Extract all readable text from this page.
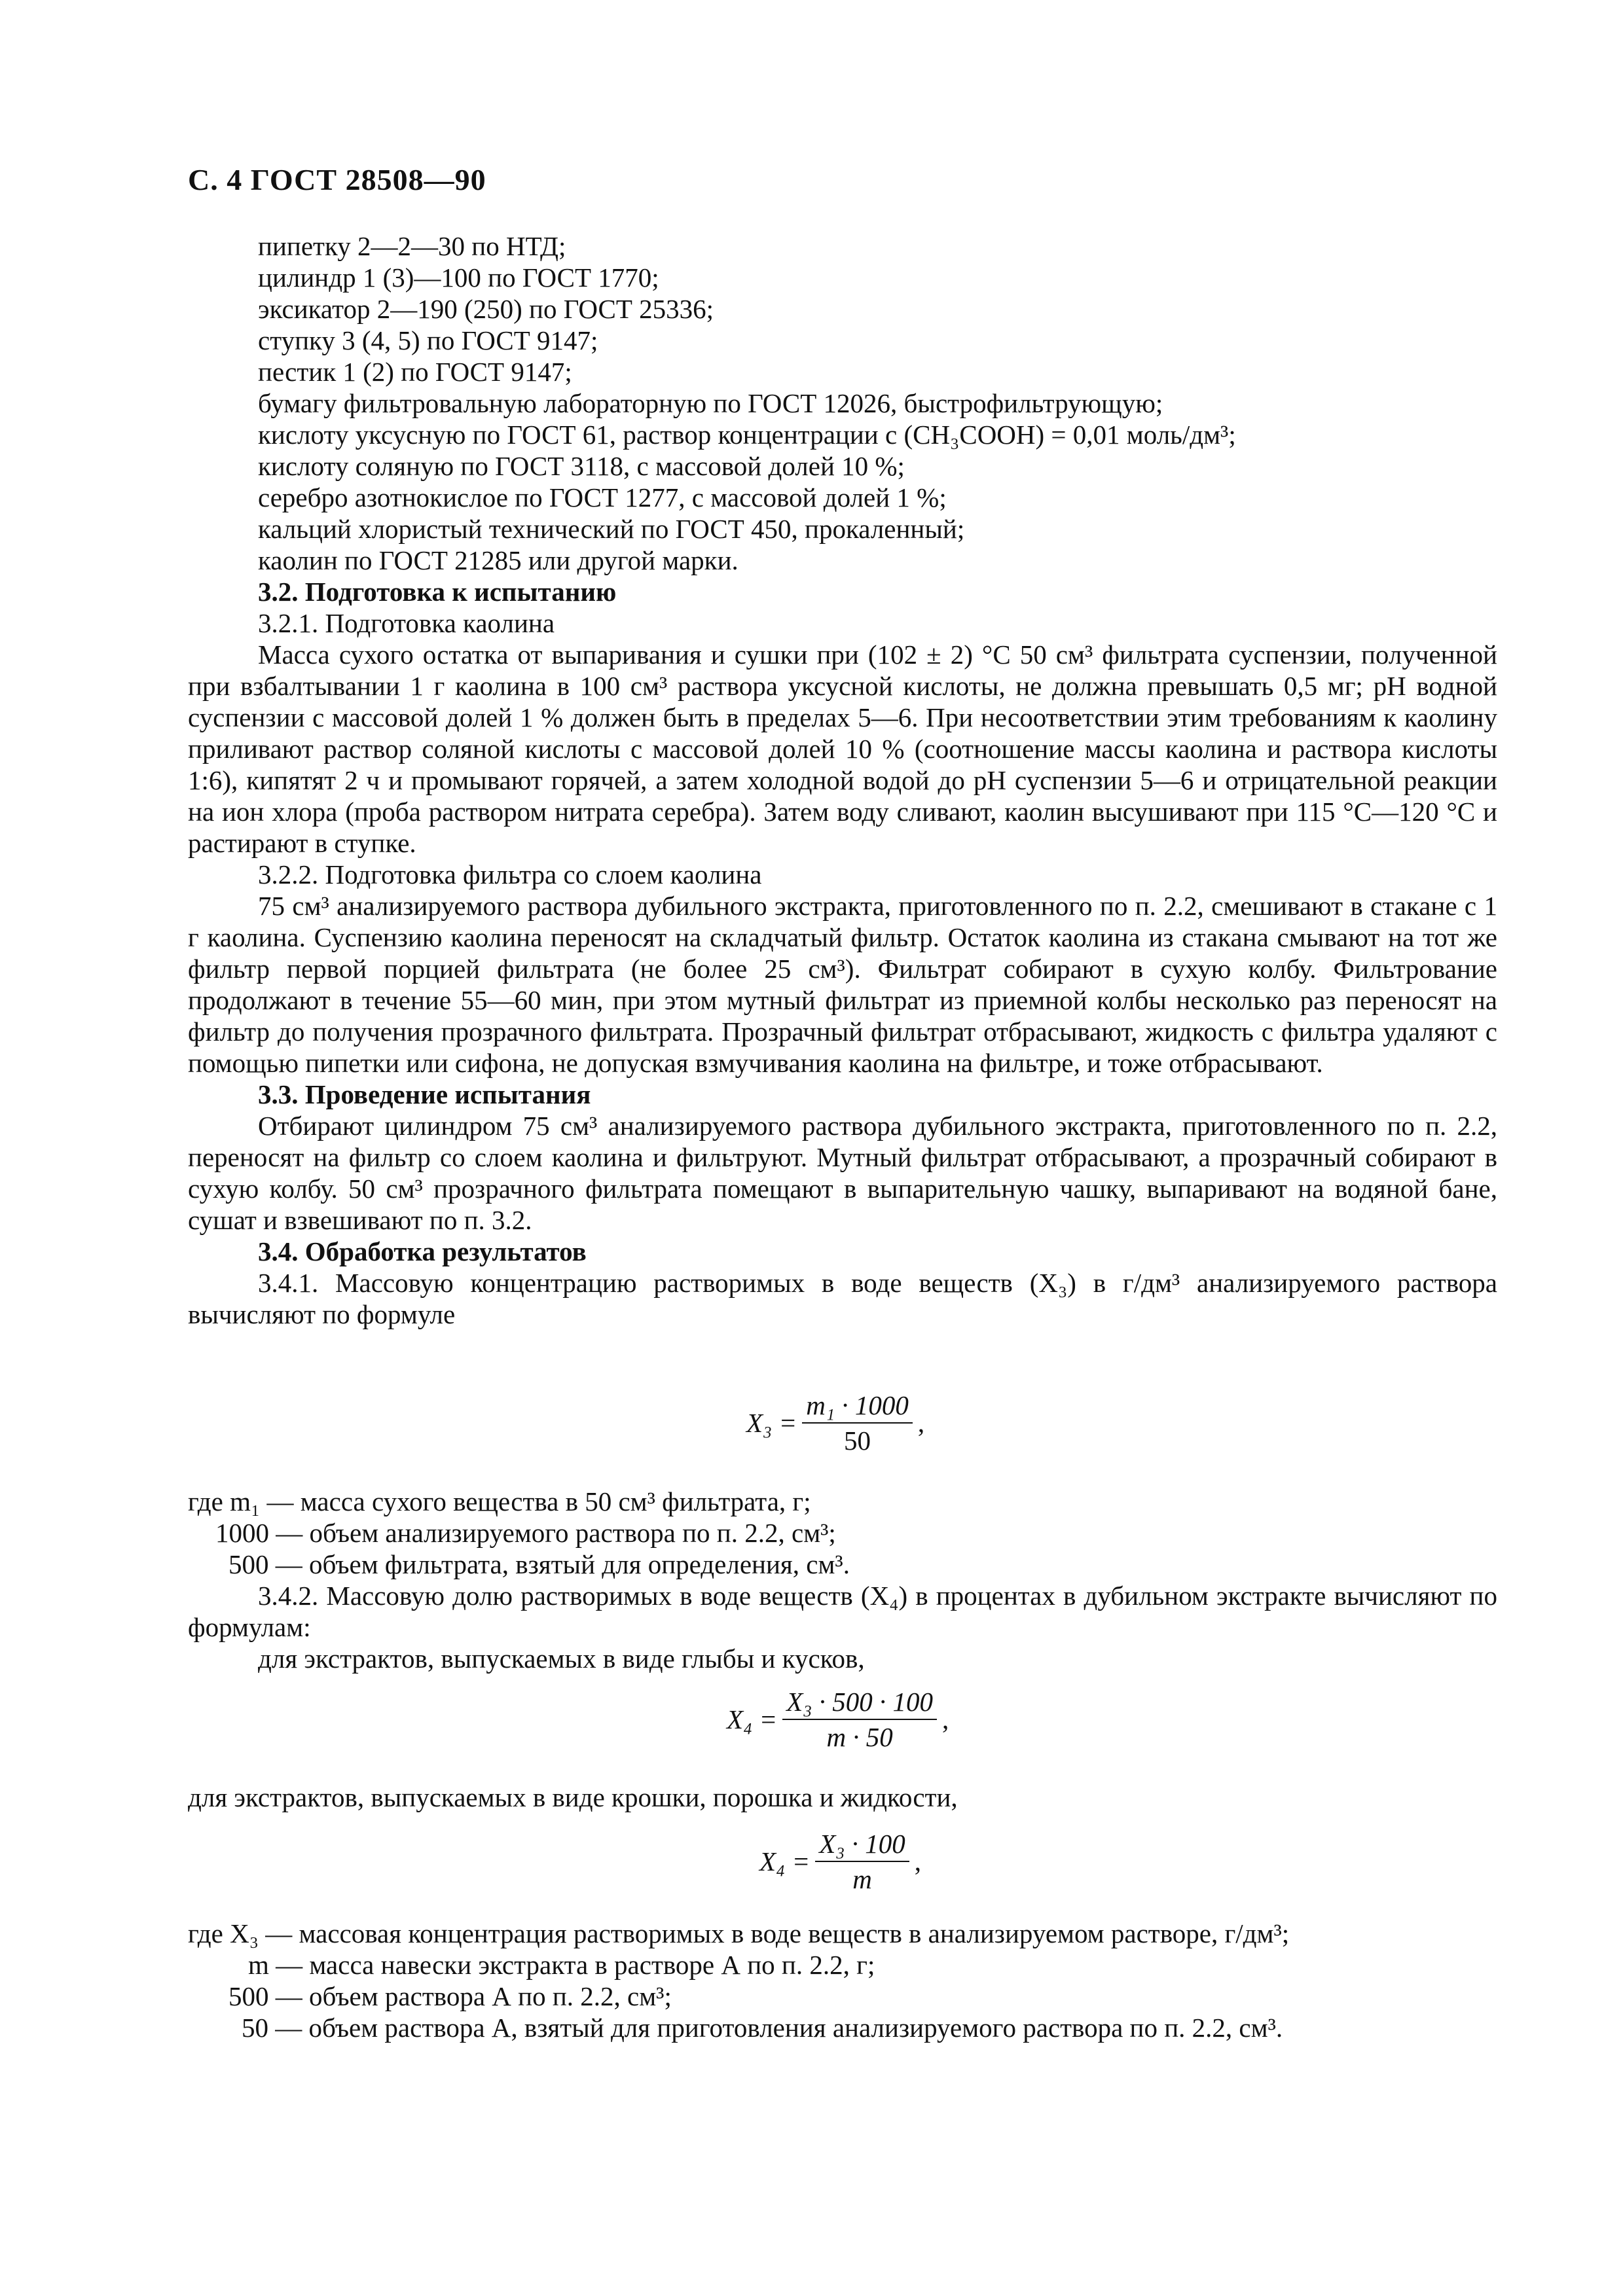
С. 4 ГОСТ 28508—90

пипетку 2—2—30 по НТД;

цилиндр 1 (3)—100 по ГОСТ 1770;

эксикатор 2—190 (250) по ГОСТ 25336;

ступку 3 (4, 5) по ГОСТ 9147;

пестик 1 (2) по ГОСТ 9147;

бумагу фильтровальную лабораторную по ГОСТ 12026, быстрофильтрующую;

кислоту уксусную по ГОСТ 61, раствор концентрации с (CH₃COOH) = 0,01 моль/дм³;

кислоту соляную по ГОСТ 3118, с массовой долей 10 %;

серебро азотнокислое по ГОСТ 1277, с массовой долей 1 %;

кальций хлористый технический по ГОСТ 450, прокаленный;

каолин по ГОСТ 21285 или другой марки.

3.2. Подготовка к испытанию

3.2.1. Подготовка каолина

Масса сухого остатка от выпаривания и сушки при (102 ± 2) °С 50 см³ фильтрата суспензии, полученной при взбалтывании 1 г каолина в 100 см³ раствора уксусной кислоты, не должна превышать 0,5 мг; pH водной суспензии с массовой долей 1 % должен быть в пределах 5—6. При несоответствии этим требованиям к каолину приливают раствор соляной кислоты с массовой долей 10 % (соотношение массы каолина и раствора кислоты 1:6), кипятят 2 ч и промывают горячей, а затем холодной водой до pH суспензии 5—6 и отрицательной реакции на ион хлора (проба раствором нитрата серебра). Затем воду сливают, каолин высушивают при 115 °С—120 °С и растирают в ступке.

3.2.2. Подготовка фильтра со слоем каолина

75 см³ анализируемого раствора дубильного экстракта, приготовленного по п. 2.2, смешивают в стакане с 1 г каолина. Суспензию каолина переносят на складчатый фильтр. Остаток каолина из стакана смывают на тот же фильтр первой порцией фильтрата (не более 25 см³). Фильтрат собирают в сухую колбу. Фильтрование продолжают в течение 55—60 мин, при этом мутный фильтрат из приемной колбы несколько раз переносят на фильтр до получения прозрачного фильтрата. Прозрачный фильтрат отбрасывают, жидкость с фильтра удаляют с помощью пипетки или сифона, не допуская взмучивания каолина на фильтре, и тоже отбрасывают.

3.3. Проведение испытания

Отбирают цилиндром 75 см³ анализируемого раствора дубильного экстракта, приготовленного по п. 2.2, переносят на фильтр со слоем каолина и фильтруют. Мутный фильтрат отбрасывают, а прозрачный собирают в сухую колбу. 50 см³ прозрачного фильтрата помещают в выпарительную чашку, выпаривают на водяной бане, сушат и взвешивают по п. 3.2.

3.4. Обработка результатов

3.4.1. Массовую концентрацию растворимых в воде веществ (X₃) в г/дм³ анализируемого раствора вычисляют по формуле

$X_3 = \frac{\text{m₁ · 1000}}{50}$ ,

где m₁ — масса сухого вещества в 50 см³ фильтрата, г;

1000 — объем анализируемого раствора по п. 2.2, см³;

500 — объем фильтрата, взятый для определения, см³.

3.4.2. Массовую долю растворимых в воде веществ (X₄) в процентах в дубильном экстракте вычисляют по формулам:

для экстрактов, выпускаемых в виде глыбы и кусков,

$X_4 = \frac{\text{X₃ · 500 · 100}}{m \cdot 50}$ ,

для экстрактов, выпускаемых в виде крошки, порошка и жидкости,

$X_4 = \frac{\text{X₃ · 100}}{m}$ ,

где X₃ — массовая концентрация растворимых в воде веществ в анализируемом растворе, г/дм³;

m — масса навески экстракта в растворе А по п. 2.2, г;

500 — объем раствора А по п. 2.2, см³;

50 — объем раствора А, взятый для приготовления анализируемого раствора по п. 2.2, см³.
